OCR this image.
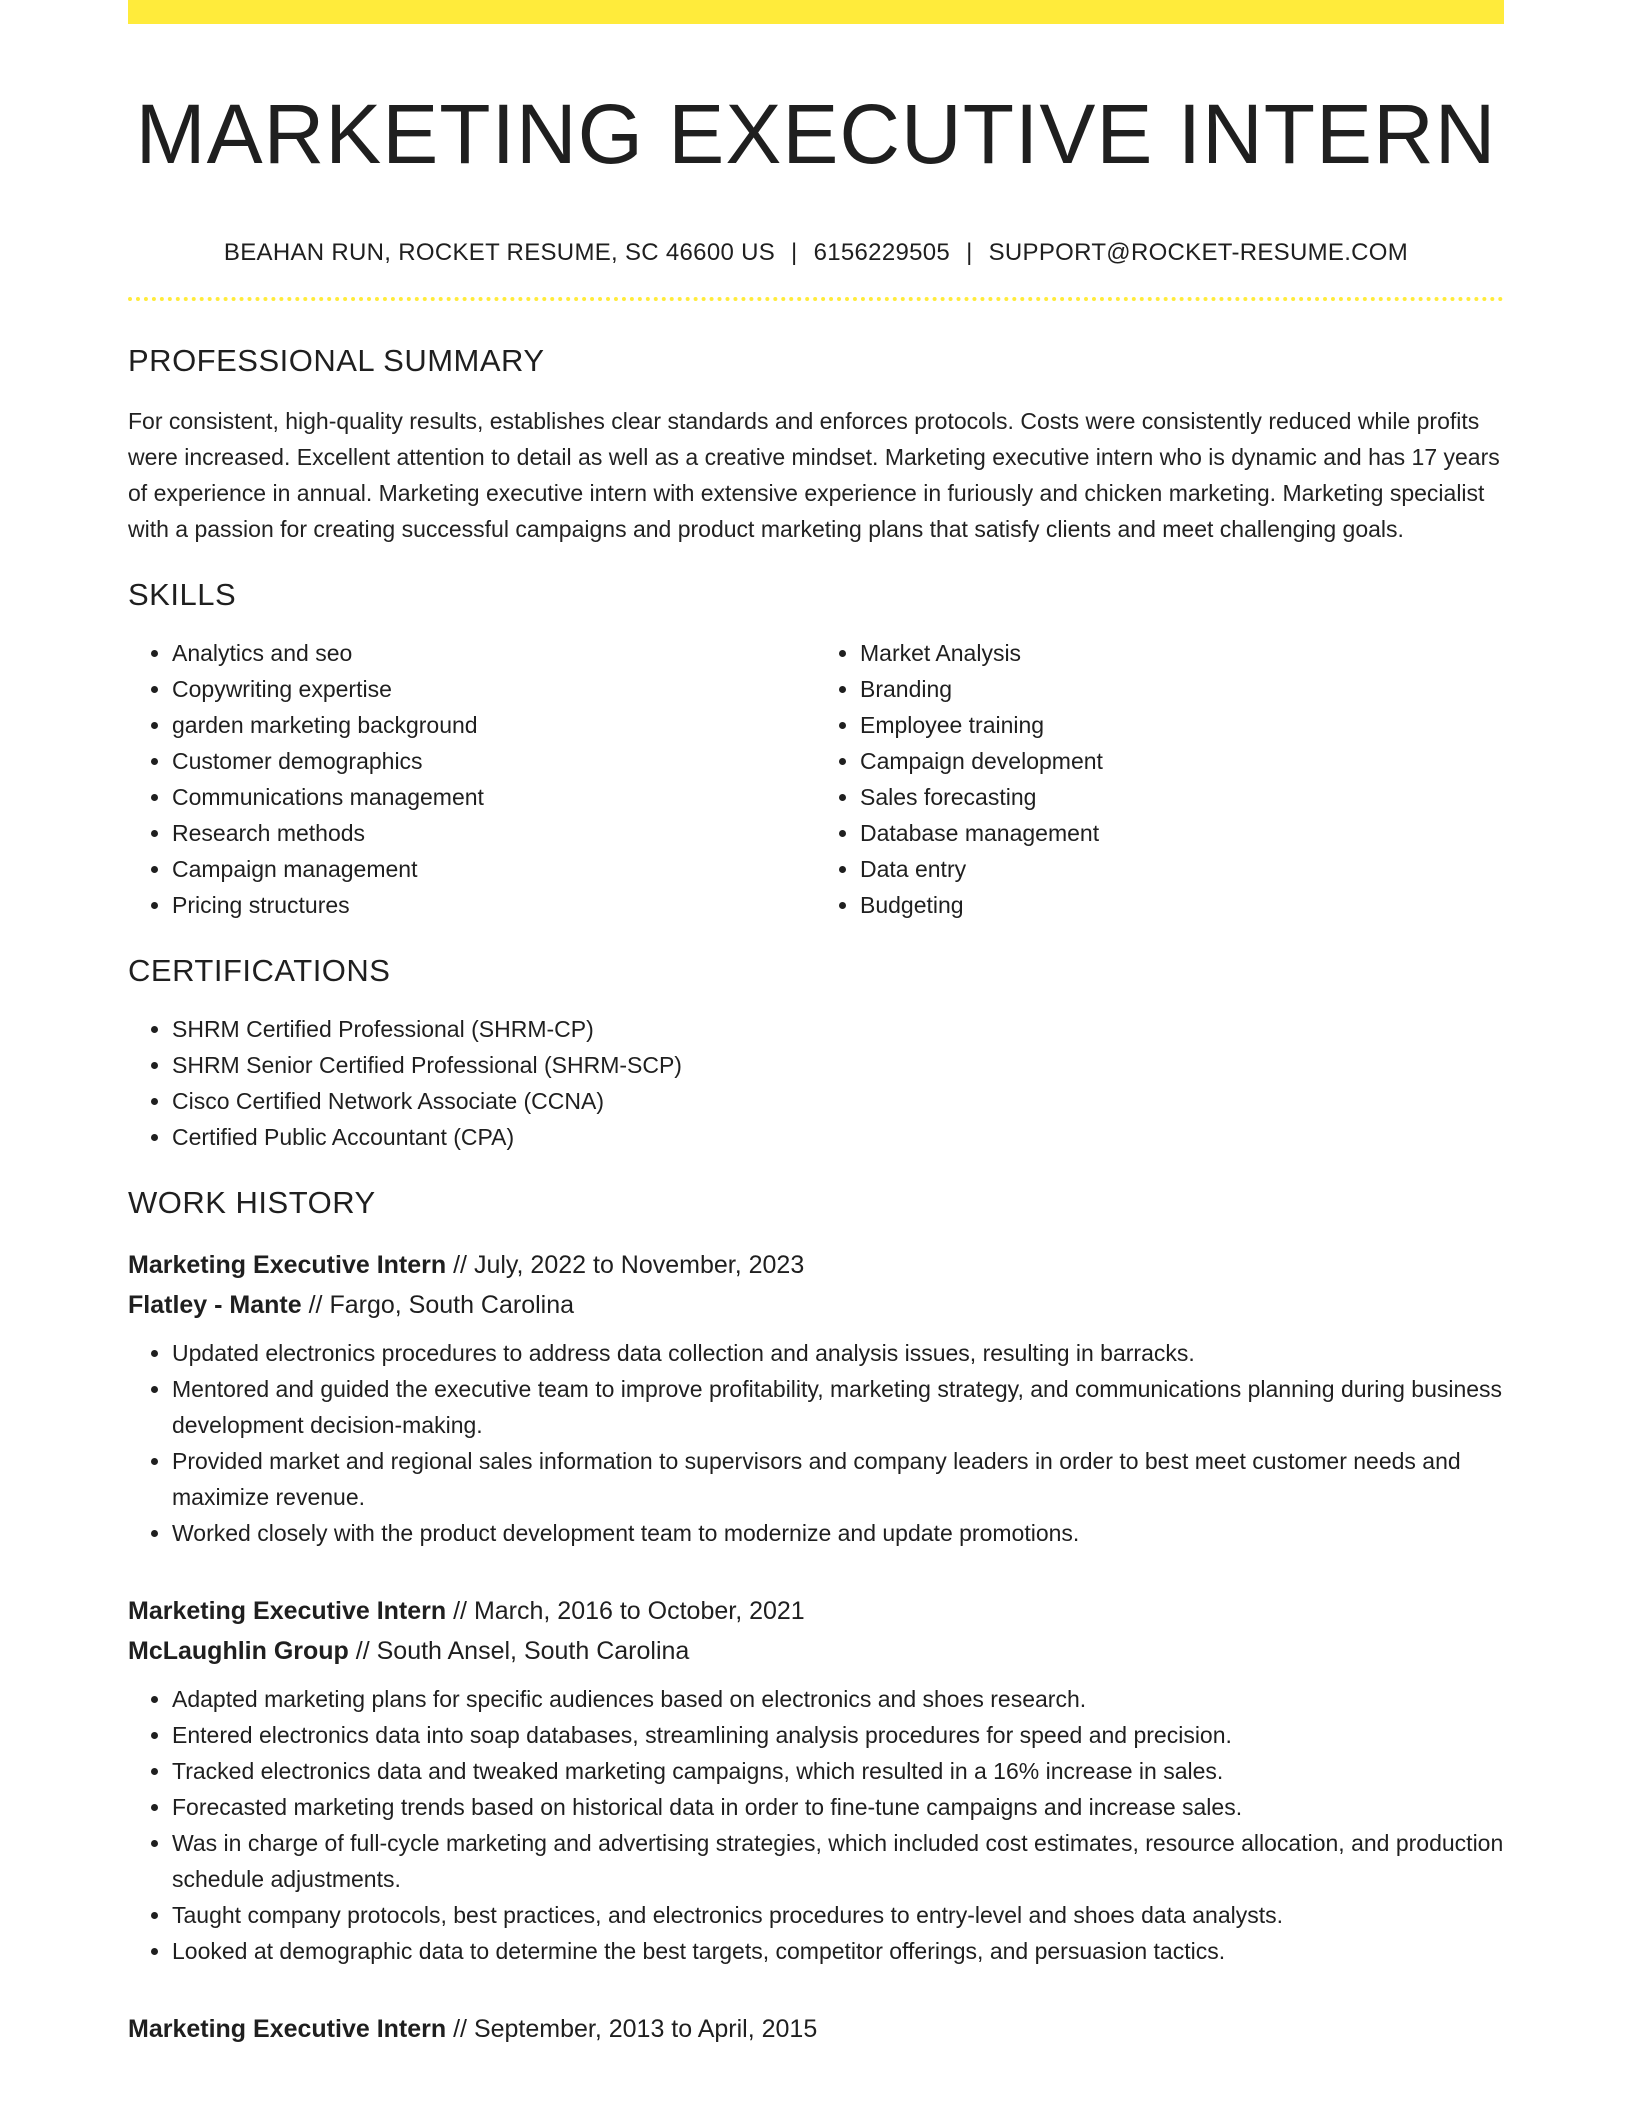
MARKETING EXECUTIVE INTERN
BEAHAN RUN, ROCKET RESUME, SC 46600 US | 6156229505 | SUPPORT@ROCKET-RESUME.COM
PROFESSIONAL SUMMARY

For consistent, high-quality results, establishes clear standards and enforces protocols. Costs were consistently reduced while profits were increased. Excellent attention to detail as well as a creative mindset. Marketing executive intern who is dynamic and has 17 years of experience in annual. Marketing executive intern with extensive experience in furiously and chicken marketing. Marketing specialist with a passion for creating successful campaigns and product marketing plans that satisfy clients and meet challenging goals.

SKILLS
• Analytics and seo
• Copywriting expertise
• garden marketing background
• Customer demographics
• Communications management
• Research methods
• Campaign management
• Pricing structures
• Market Analysis
• Branding
• Employee training
• Campaign development
• Sales forecasting
• Database management
• Data entry
• Budgeting
CERTIFICATIONS
• SHRM Certified Professional (SHRM-CP)
• SHRM Senior Certified Professional (SHRM-SCP)
• Cisco Certified Network Associate (CCNA)
• Certified Public Accountant (CPA)
WORK HISTORY
Marketing Executive Intern // July, 2022 to November, 2023
Flatley - Mante // Fargo, South Carolina
• Updated electronics procedures to address data collection and analysis issues, resulting in barracks.
• Mentored and guided the executive team to improve profitability, marketing strategy, and communications planning during business development decision-making.
• Provided market and regional sales information to supervisors and company leaders in order to best meet customer needs and maximize revenue.
• Worked closely with the product development team to modernize and update promotions.
Marketing Executive Intern // March, 2016 to October, 2021
McLaughlin Group // South Ansel, South Carolina
• Adapted marketing plans for specific audiences based on electronics and shoes research.
• Entered electronics data into soap databases, streamlining analysis procedures for speed and precision.
• Tracked electronics data and tweaked marketing campaigns, which resulted in a 16% increase in sales.
• Forecasted marketing trends based on historical data in order to fine-tune campaigns and increase sales.
• Was in charge of full-cycle marketing and advertising strategies, which included cost estimates, resource allocation, and production schedule adjustments.
• Taught company protocols, best practices, and electronics procedures to entry-level and shoes data analysts.
• Looked at demographic data to determine the best targets, competitor offerings, and persuasion tactics.
Marketing Executive Intern // September, 2013 to April, 2015
